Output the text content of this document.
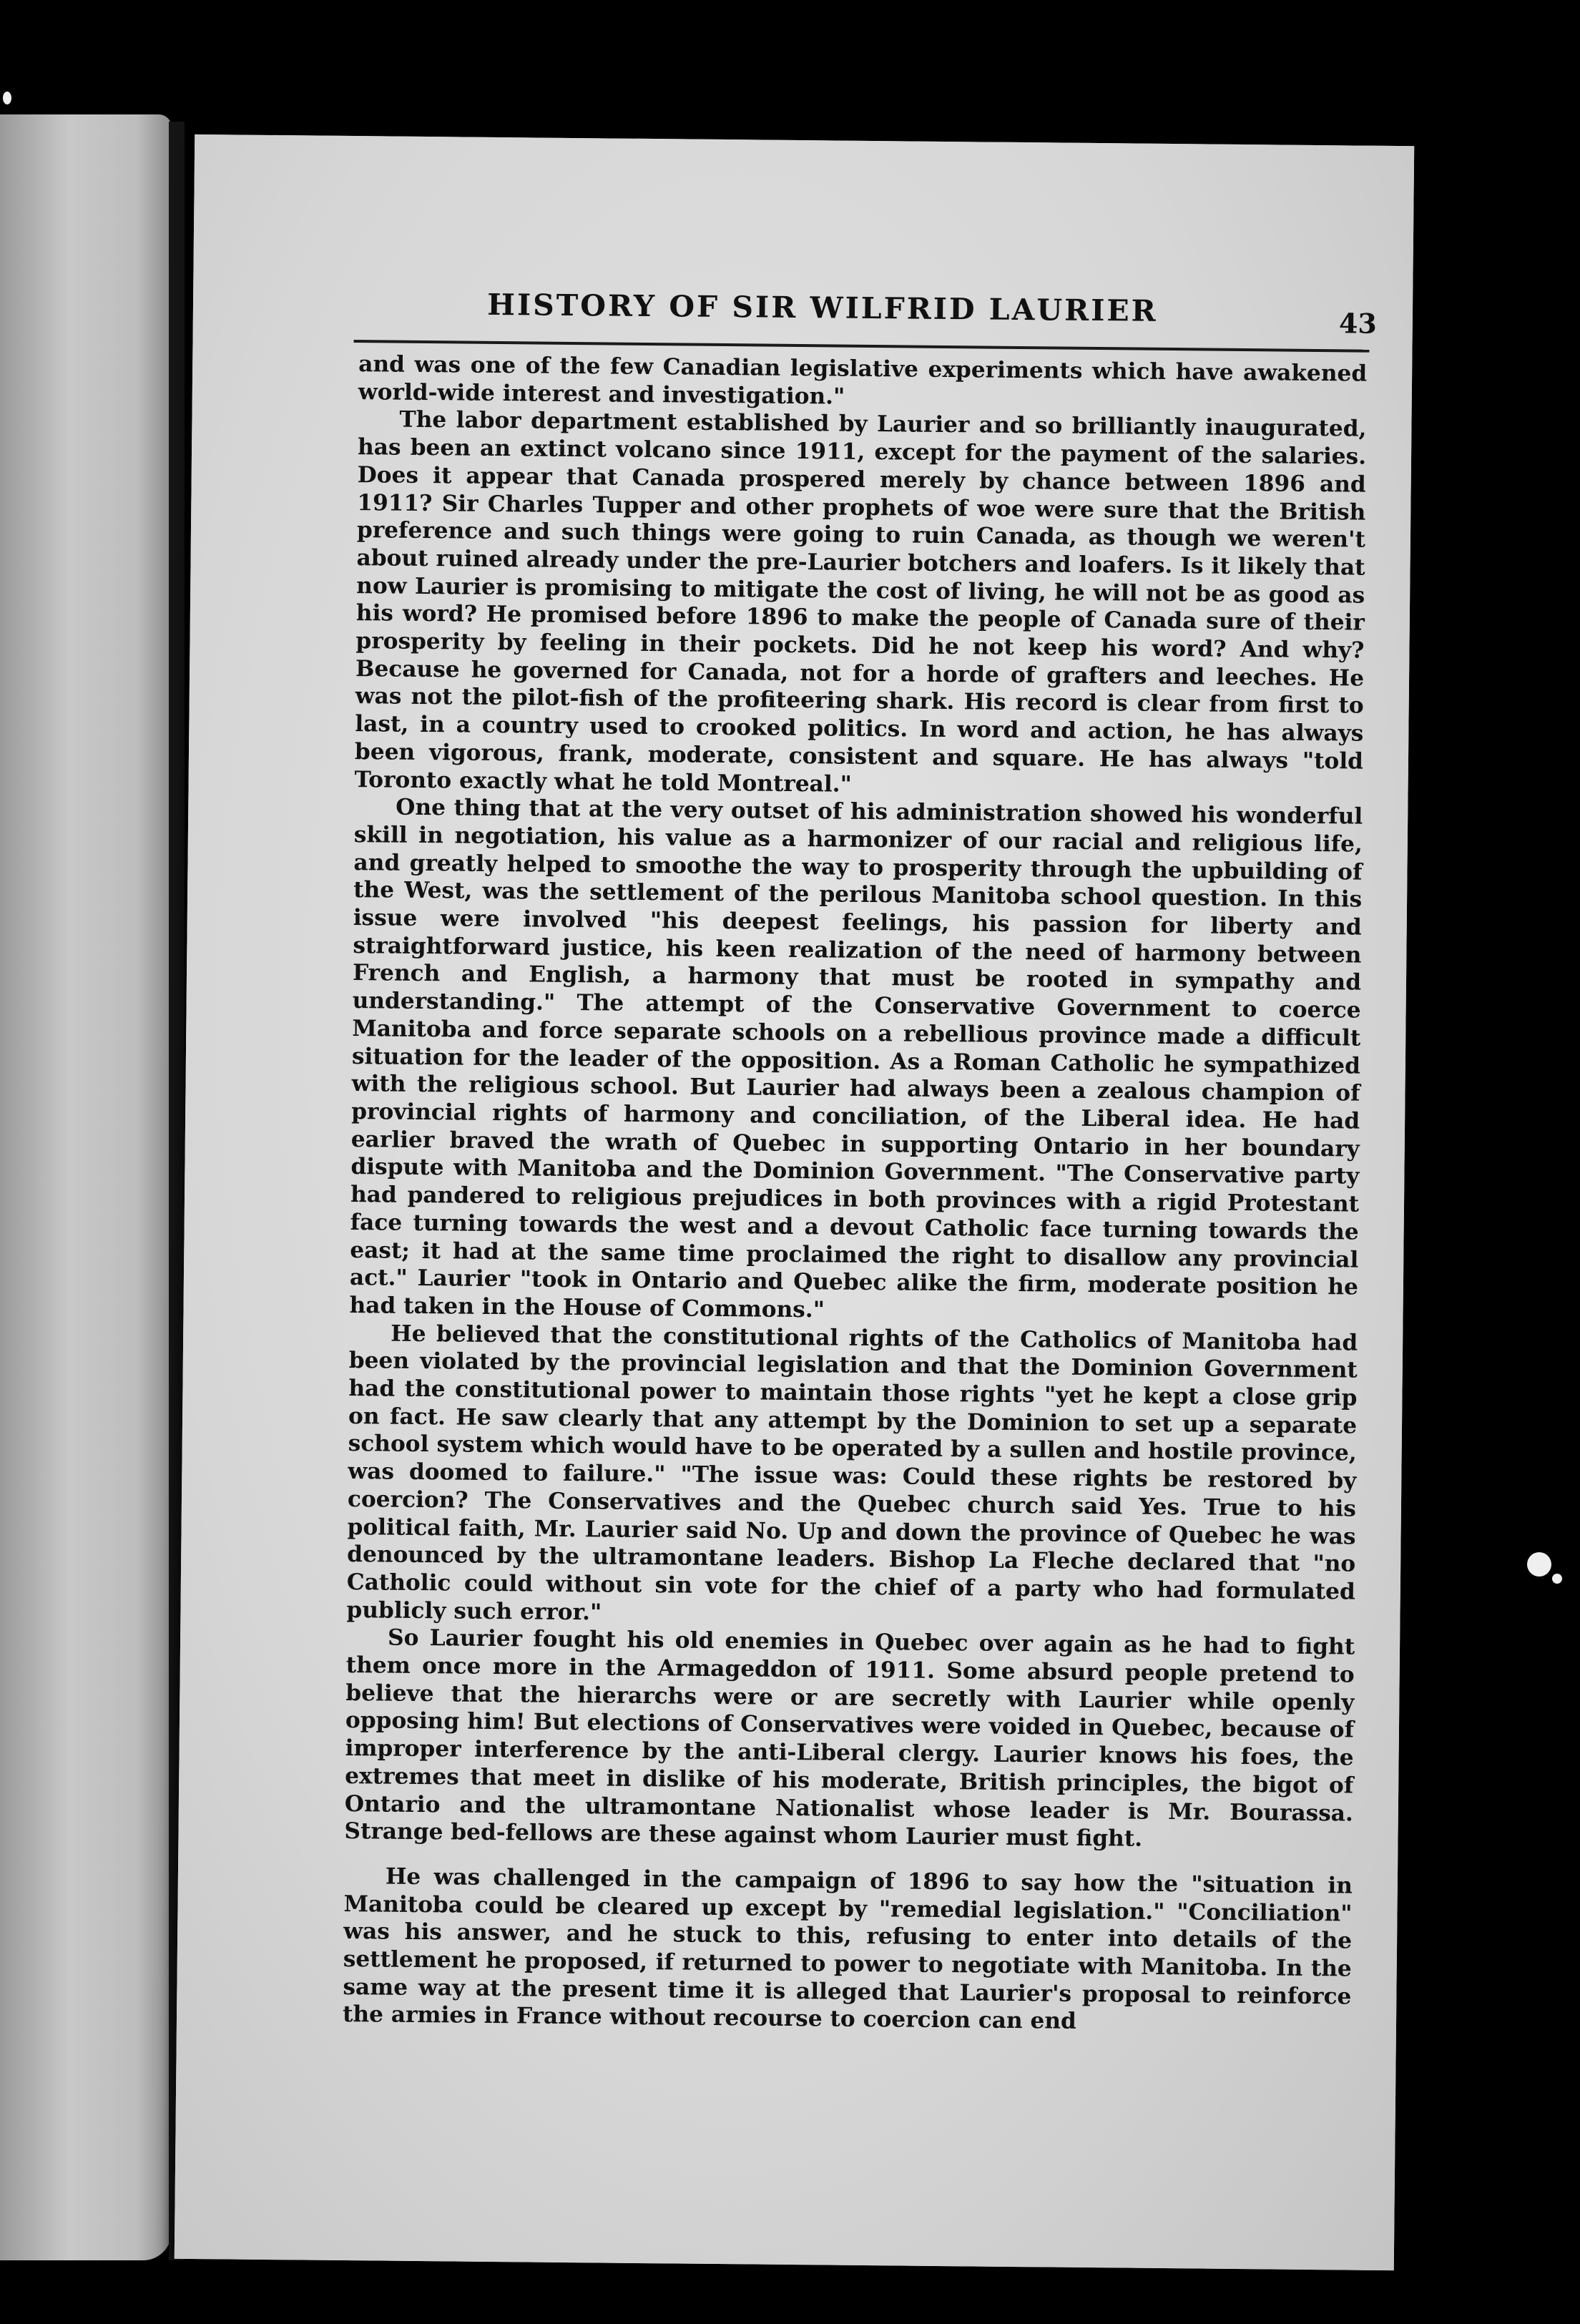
HISTORY OF SIR WILFRID LAURIER	43

and was one of the few Canadian legislative experiments which have awakened world-wide interest and investigation."

The labor department established by Laurier and so brilliantly inaugurated, has been an extinct volcano since 1911, except for the payment of the salaries. Does it appear that Canada prospered merely by chance between 1896 and 1911? Sir Charles Tupper and other prophets of woe were sure that the British preference and such things were going to ruin Canada, as though we weren't about ruined already under the pre-Laurier botchers and loafers. Is it likely that now Laurier is promising to mitigate the cost of living, he will not be as good as his word? He promised before 1896 to make the people of Canada sure of their prosperity by feeling in their pockets. Did he not keep his word? And why? Because he governed for Canada, not for a horde of grafters and leeches. He was not the pilot-fish of the profiteering shark. His record is clear from first to last, in a country used to crooked politics. In word and action, he has always been vigorous, frank, moderate, consistent and square. He has always "told Toronto exactly what he told Montreal."

One thing that at the very outset of his administration showed his wonderful skill in negotiation, his value as a harmonizer of our racial and religious life, and greatly helped to smoothe the way to prosperity through the upbuilding of the West, was the settlement of the perilous Manitoba school question. In this issue were involved "his deepest feelings, his passion for liberty and straightforward justice, his keen realization of the need of harmony between French and English, a harmony that must be rooted in sympathy and understanding." The attempt of the Conservative Government to coerce Manitoba and force separate schools on a rebellious province made a difficult situation for the leader of the opposition. As a Roman Catholic he sympathized with the religious school. But Laurier had always been a zealous champion of provincial rights of harmony and conciliation, of the Liberal idea. He had earlier braved the wrath of Quebec in supporting Ontario in her boundary dispute with Manitoba and the Dominion Government. "The Conservative party had pandered to religious prejudices in both provinces with a rigid Protestant face turning towards the west and a devout Catholic face turning towards the east; it had at the same time proclaimed the right to disallow any provincial act." Laurier "took in Ontario and Quebec alike the firm, moderate position he had taken in the House of Commons."

He believed that the constitutional rights of the Catholics of Manitoba had been violated by the provincial legislation and that the Dominion Government had the constitutional power to maintain those rights "yet he kept a close grip on fact. He saw clearly that any attempt by the Dominion to set up a separate school system which would have to be operated by a sullen and hostile province, was doomed to failure." "The issue was: Could these rights be restored by coercion? The Conservatives and the Quebec church said Yes. True to his political faith, Mr. Laurier said No. Up and down the province of Quebec he was denounced by the ultramontane leaders. Bishop La Fleche declared that "no Catholic could without sin vote for the chief of a party who had formulated publicly such error."

So Laurier fought his old enemies in Quebec over again as he had to fight them once more in the Armageddon of 1911. Some absurd people pretend to believe that the hierarchs were or are secretly with Laurier while openly opposing him! But elections of Conservatives were voided in Quebec, because of improper interference by the anti-Liberal clergy. Laurier knows his foes, the extremes that meet in dislike of his moderate, British principles, the bigot of Ontario and the ultramontane Nationalist whose leader is Mr. Bourassa. Strange bed-fellows are these against whom Laurier must fight.

He was challenged in the campaign of 1896 to say how the "situation in Manitoba could be cleared up except by "remedial legislation." "Conciliation" was his answer, and he stuck to this, refusing to enter into details of the settlement he proposed, if returned to power to negotiate with Manitoba. In the same way at the present time it is alleged that Laurier's proposal to reinforce the armies in France without recourse to coercion can end
